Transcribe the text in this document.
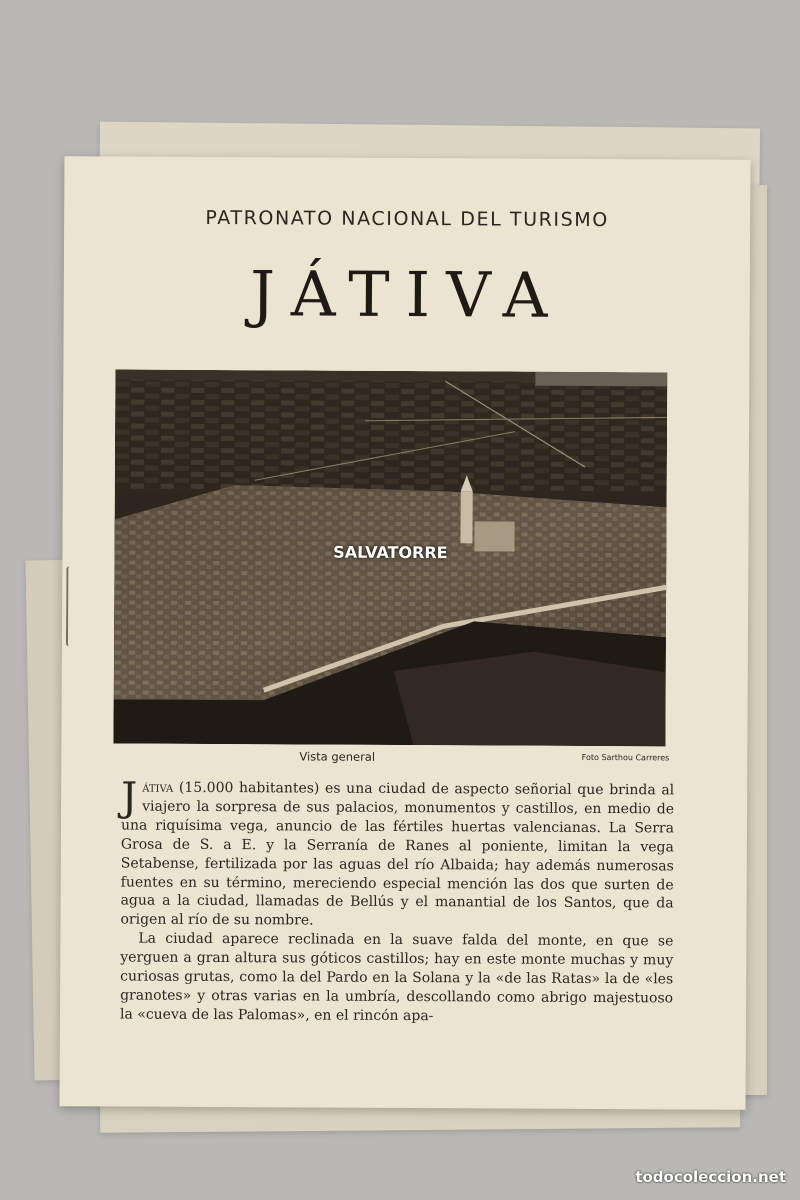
PATRONATO NACIONAL DEL TURISMO
JÁTIVA
SALVATORRE
Vista general	Foto Sarthou Carreres

Játiva (15.000 habitantes) es una ciudad de aspecto señorial que brinda al viajero la sorpresa de sus palacios, monumentos y castillos, en medio de una riquísima vega, anuncio de las fértiles huertas valencianas. La Serra Grosa de S. a E. y la Serranía de Ranes al poniente, limitan la vega Setabense, fertilizada por las aguas del río Albaida; hay además numerosas fuentes en su término, mereciendo especial mención las dos que surten de agua a la ciudad, llamadas de Bellús y el manantial de los Santos, que da origen al río de su nombre.

La ciudad aparece reclinada en la suave falda del monte, en que se yerguen a gran altura sus góticos castillos; hay en este monte muchas y muy curiosas grutas, como la del Pardo en la Solana y la «de las Ratas» la de «les granotes» y otras varias en la umbría, descollando como abrigo majestuoso la «cueva de las Palomas», en el rincón apa-

todocoleccion.net
